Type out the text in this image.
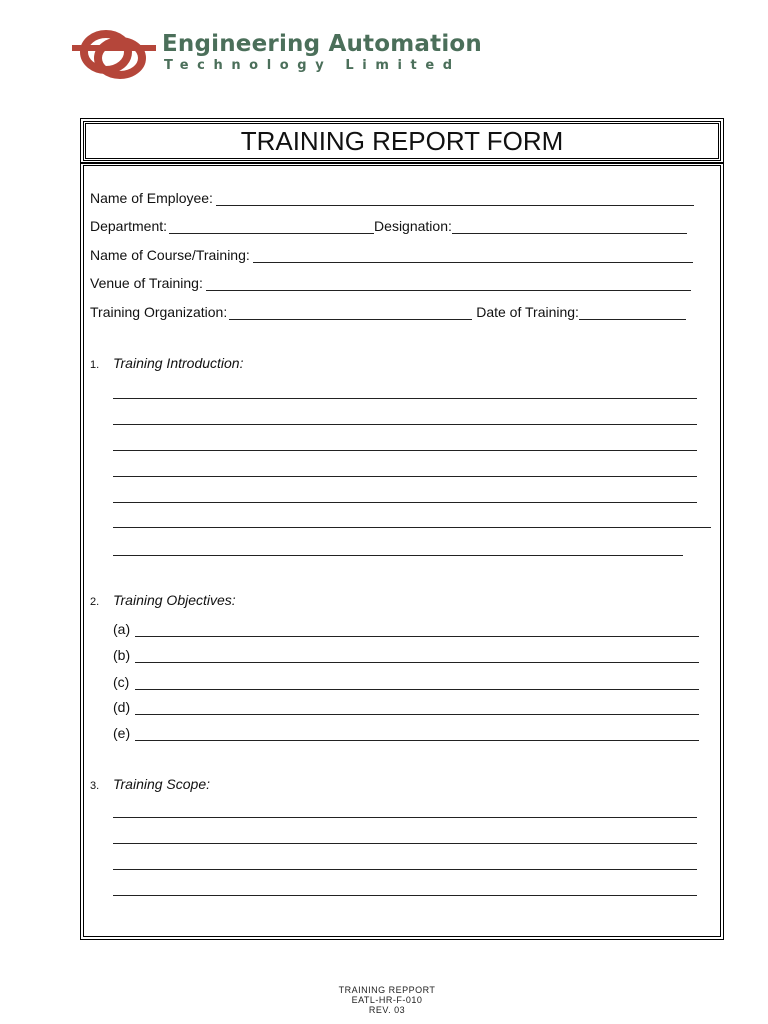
Engineering Automation
Technology Limited
TRAINING REPORT FORM
Name of Employee:
Department:	Designation:
Name of Course/Training:
Venue of Training:
Training Organization:	Date of Training:
1. Training Introduction:
2. Training Objectives:
(a)
(b)
(c)
(d)
(e)
3. Training Scope:

TRAINING REPPORT
EATL-HR-F-010
REV. 03
